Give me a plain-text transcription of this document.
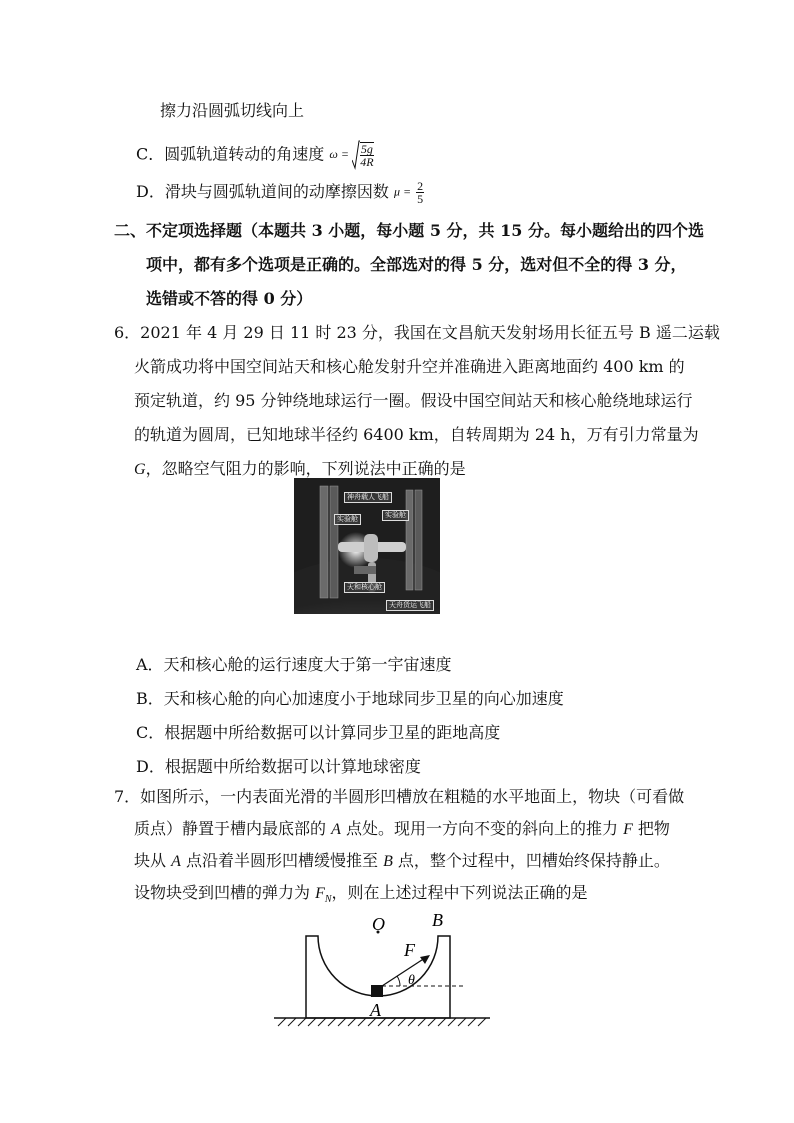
擦力沿圆弧切线向上
C．圆弧轨道转动的角速度 $\omega = \frac{5g}{4R}$
D．滑块与圆弧轨道间的动摩擦因数 $\mu = \frac{2}{5}$
二、不定项选择题（本题共 3 小题，每小题 5 分，共 15 分。每小题给出的四个选
项中，都有多个选项是正确的。全部选对的得 5 分，选对但不全的得 3 分，
选错或不答的得 0 分）
6．2021 年 4 月 29 日 11 时 23 分，我国在文昌航天发射场用长征五号 B 遥二运载
火箭成功将中国空间站天和核心舱发射升空并准确进入距离地面约 400 km 的
预定轨道，约 95 分钟绕地球运行一圈。假设中国空间站天和核心舱绕地球运行
的轨道为圆周，已知地球半径约 6400 km，自转周期为 24 h，万有引力常量为
G，忽略空气阻力的影响，下列说法中正确的是
神舟载人飞船
实验舱	实验舱
天和核心舱
天舟货运飞船
A．天和核心舱的运行速度大于第一宇宙速度
B．天和核心舱的向心加速度小于地球同步卫星的向心加速度
C．根据题中所给数据可以计算同步卫星的距地高度
D．根据题中所给数据可以计算地球密度
7．如图所示，一内表面光滑的半圆形凹槽放在粗糙的水平地面上，物块（可看做
质点）静置于槽内最底部的 A 点处。现用一方向不变的斜向上的推力 F 把物
块从 A 点沿着半圆形凹槽缓慢推至 B 点，整个过程中，凹槽始终保持静止。
设物块受到凹槽的弹力为 $F_N$，则在上述过程中下列说法正确的是
O	B
F
θ
A
